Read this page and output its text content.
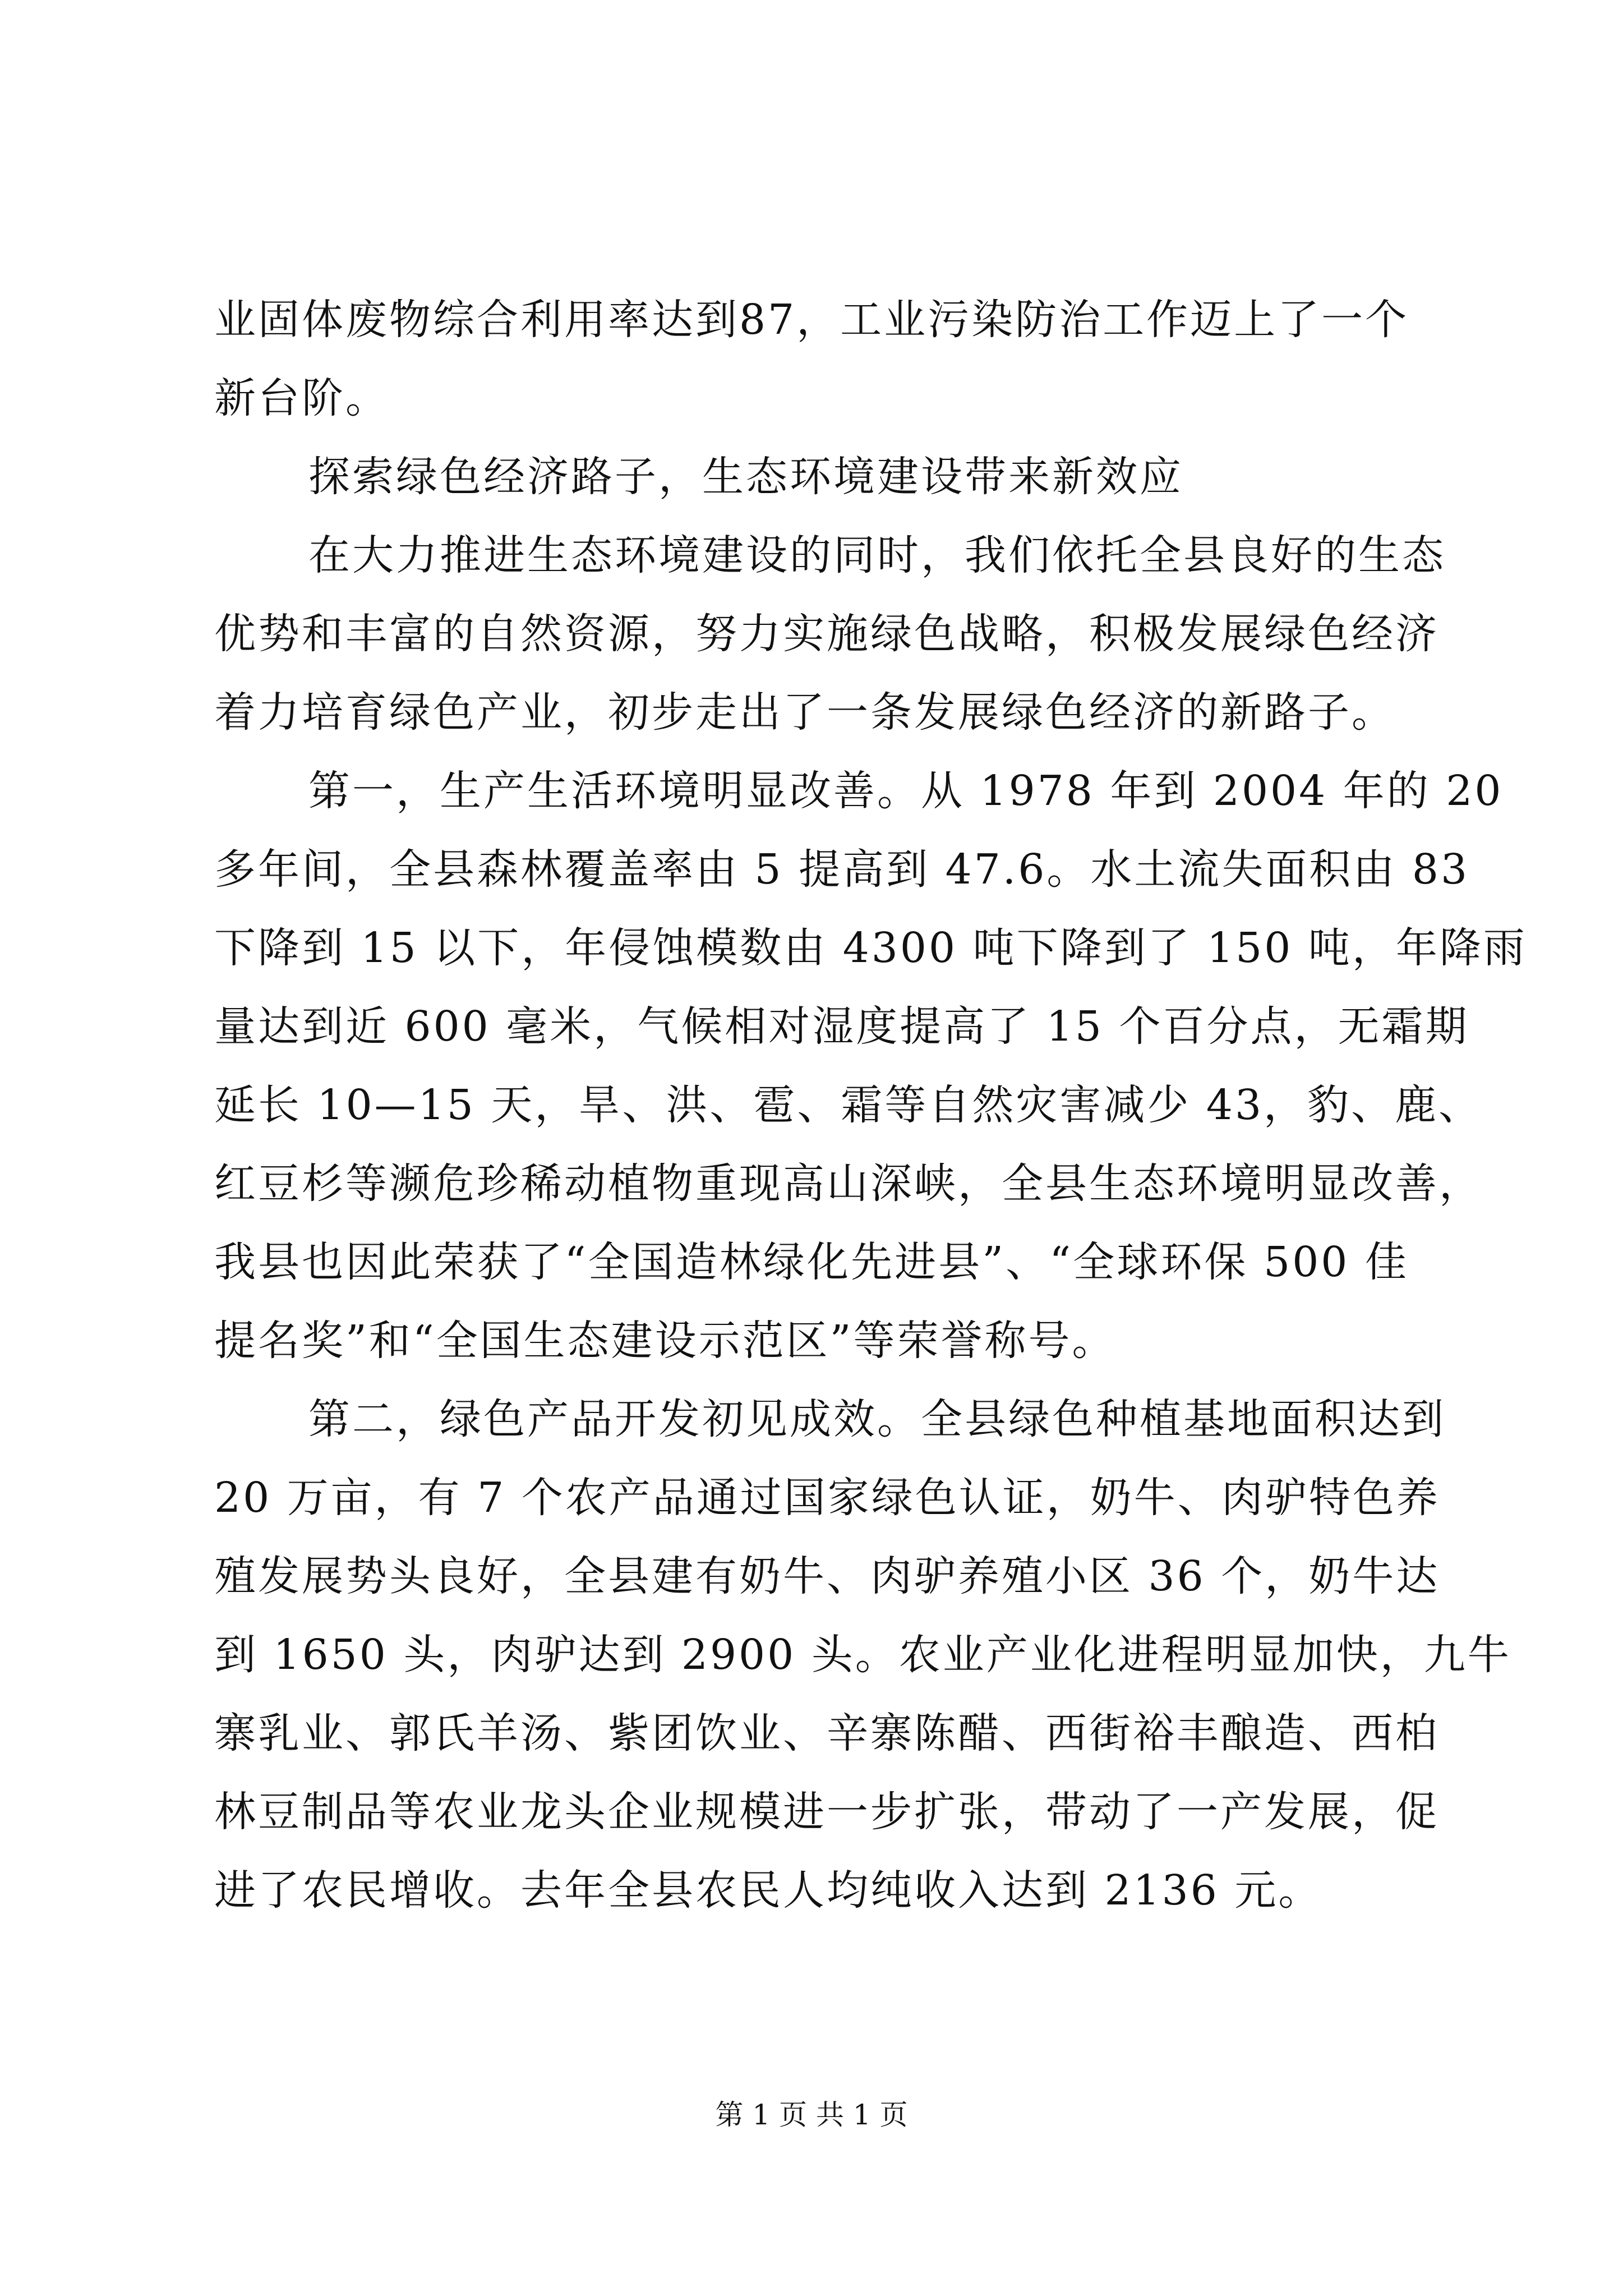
业固体废物综合利用率达到87，工业污染防治工作迈上了一个
新台阶。
探索绿色经济路子，生态环境建设带来新效应
在大力推进生态环境建设的同时，我们依托全县良好的生态
优势和丰富的自然资源，努力实施绿色战略，积极发展绿色经济
着力培育绿色产业，初步走出了一条发展绿色经济的新路子。
第一，生产生活环境明显改善。从 1978 年到 2004 年的 20
多年间，全县森林覆盖率由 5 提高到 47.6。水土流失面积由 83
下降到 15 以下，年侵蚀模数由 4300 吨下降到了 150 吨，年降雨
量达到近 600 毫米，气候相对湿度提高了 15 个百分点，无霜期
延长 10—15 天，旱、洪、雹、霜等自然灾害减少 43，豹、鹿、
红豆杉等濒危珍稀动植物重现高山深峡，全县生态环境明显改善，
我县也因此荣获了“全国造林绿化先进县”、“全球环保 500 佳
提名奖”和“全国生态建设示范区”等荣誉称号。
第二，绿色产品开发初见成效。全县绿色种植基地面积达到
20 万亩，有 7 个农产品通过国家绿色认证，奶牛、肉驴特色养
殖发展势头良好，全县建有奶牛、肉驴养殖小区 36 个，奶牛达
到 1650 头，肉驴达到 2900 头。农业产业化进程明显加快，九牛
寨乳业、郭氏羊汤、紫团饮业、辛寨陈醋、西街裕丰酿造、西柏
林豆制品等农业龙头企业规模进一步扩张，带动了一产发展，促
进了农民增收。去年全县农民人均纯收入达到 2136 元。
第 1 页 共 1 页
